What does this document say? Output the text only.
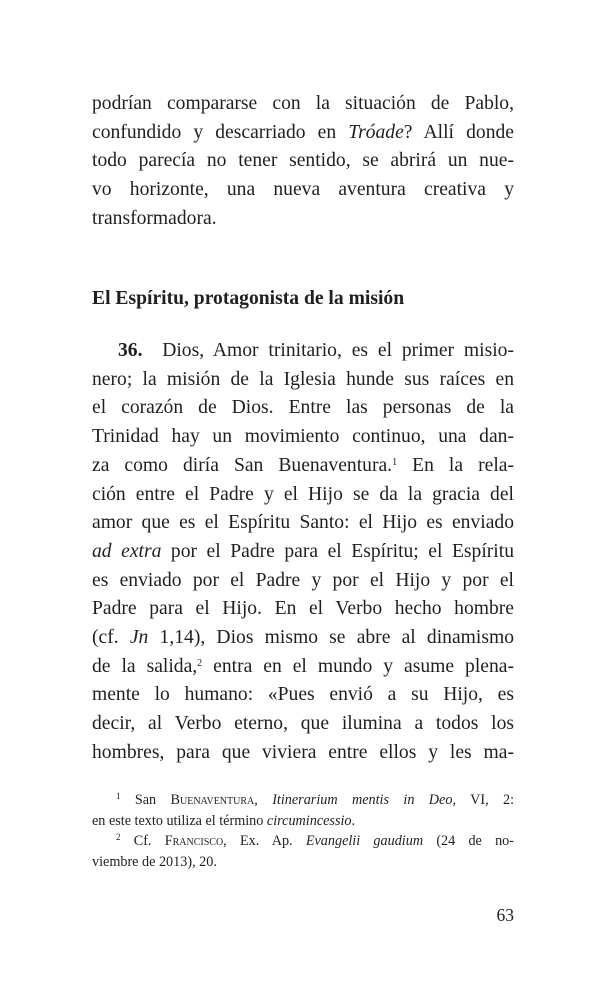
podrían compararse con la situación de Pablo,
confundido y descarriado en Tróade? Allí donde
todo parecía no tener sentido, se abrirá un nue-
vo horizonte, una nueva aventura creativa y
transformadora.
El Espíritu, protagonista de la misión
36. Dios, Amor trinitario, es el primer misio-
nero; la misión de la Iglesia hunde sus raíces en
el corazón de Dios. Entre las personas de la
Trinidad hay un movimiento continuo, una dan-
za como diría San Buenaventura.$^1$ En la rela-
ción entre el Padre y el Hijo se da la gracia del
amor que es el Espíritu Santo: el Hijo es enviado
ad extra por el Padre para el Espíritu; el Espíritu
es enviado por el Padre y por el Hijo y por el
Padre para el Hijo. En el Verbo hecho hombre
(cf. Jn 1,14), Dios mismo se abre al dinamismo
de la salida,$^2$ entra en el mundo y asume plena-
mente lo humano: «Pues envió a su Hijo, es
decir, al Verbo eterno, que ilumina a todos los
hombres, para que viviera entre ellos y les ma-
$^1$ San Buenaventura, Itinerarium mentis in Deo, VI, 2:
en este texto utiliza el término circumincessio.
$^2$ Cf. Francisco, Ex. Ap. Evangelii gaudium (24 de no-
viembre de 2013), 20.
63
